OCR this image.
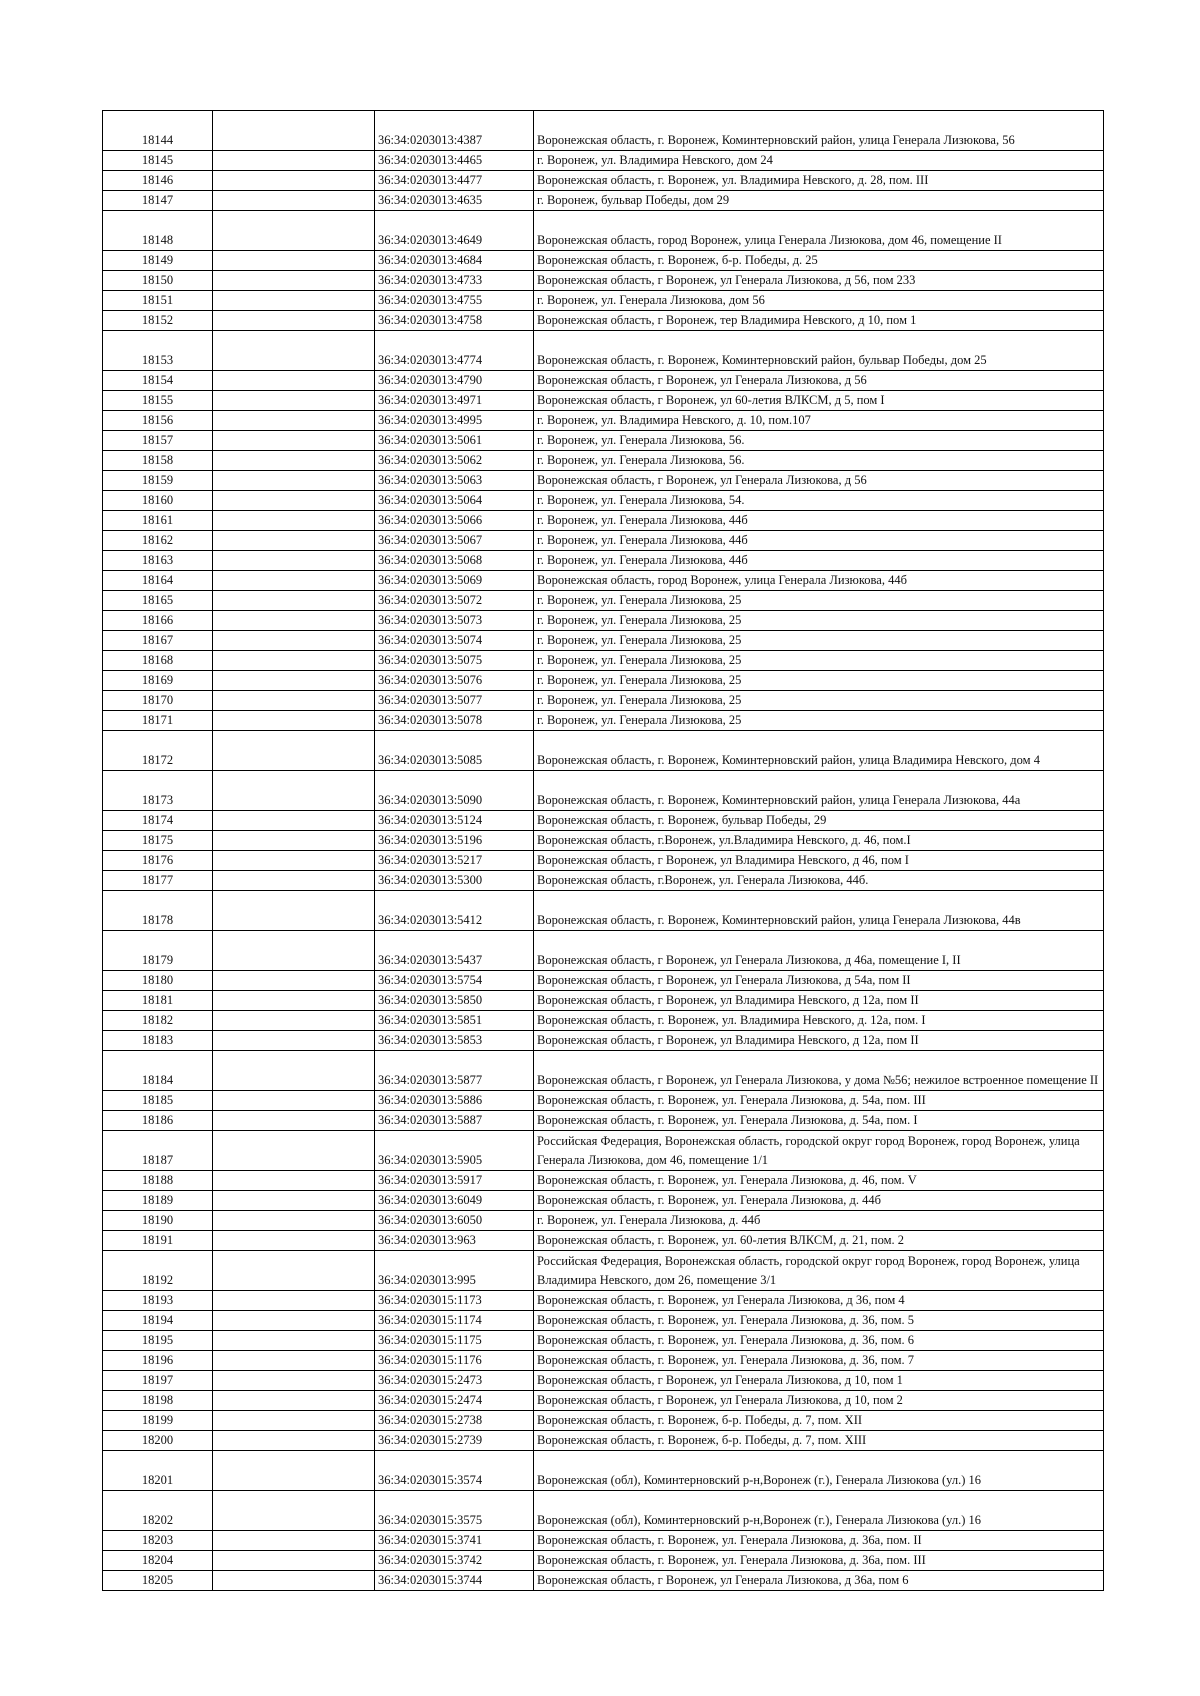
18144		36:34:0203013:4387	Воронежская область, г. Воронеж, Коминтерновский район, улица Генерала Лизюкова, 56
18145		36:34:0203013:4465	г. Воронеж, ул. Владимира Невского, дом 24
18146		36:34:0203013:4477	Воронежская область, г. Воронеж, ул. Владимира Невского, д. 28, пом. III
18147		36:34:0203013:4635	г. Воронеж, бульвар Победы, дом 29
18148		36:34:0203013:4649	Воронежская область, город Воронеж, улица Генерала Лизюкова, дом 46, помещение II
18149		36:34:0203013:4684	Воронежская область, г. Воронеж, б-р. Победы, д. 25
18150		36:34:0203013:4733	Воронежская область, г Воронеж, ул Генерала Лизюкова, д 56, пом 233
18151		36:34:0203013:4755	г. Воронеж, ул. Генерала Лизюкова, дом 56
18152		36:34:0203013:4758	Воронежская область, г Воронеж, тер Владимира Невского, д 10, пом 1
18153		36:34:0203013:4774	Воронежская область, г. Воронеж, Коминтерновский район, бульвар Победы, дом 25
18154		36:34:0203013:4790	Воронежская область, г Воронеж, ул Генерала Лизюкова, д 56
18155		36:34:0203013:4971	Воронежская область, г Воронеж, ул 60-летия ВЛКСМ, д 5, пом I
18156		36:34:0203013:4995	г. Воронеж, ул. Владимира Невского, д. 10, пом.107
18157		36:34:0203013:5061	г. Воронеж, ул. Генерала Лизюкова, 56.
18158		36:34:0203013:5062	г. Воронеж, ул. Генерала Лизюкова, 56.
18159		36:34:0203013:5063	Воронежская область, г Воронеж, ул Генерала Лизюкова, д 56
18160		36:34:0203013:5064	г. Воронеж, ул. Генерала Лизюкова, 54.
18161		36:34:0203013:5066	г. Воронеж, ул. Генерала Лизюкова, 44б
18162		36:34:0203013:5067	г. Воронеж, ул. Генерала Лизюкова, 44б
18163		36:34:0203013:5068	г. Воронеж, ул. Генерала Лизюкова, 44б
18164		36:34:0203013:5069	Воронежская область, город Воронеж, улица Генерала Лизюкова, 44б
18165		36:34:0203013:5072	г. Воронеж, ул. Генерала Лизюкова, 25
18166		36:34:0203013:5073	г. Воронеж, ул. Генерала Лизюкова, 25
18167		36:34:0203013:5074	г. Воронеж, ул. Генерала Лизюкова, 25
18168		36:34:0203013:5075	г. Воронеж, ул. Генерала Лизюкова, 25
18169		36:34:0203013:5076	г. Воронеж, ул. Генерала Лизюкова, 25
18170		36:34:0203013:5077	г. Воронеж, ул. Генерала Лизюкова, 25
18171		36:34:0203013:5078	г. Воронеж, ул. Генерала Лизюкова, 25
18172		36:34:0203013:5085	Воронежская область, г. Воронеж, Коминтерновский район, улица Владимира Невского, дом 4
18173		36:34:0203013:5090	Воронежская область, г. Воронеж, Коминтерновский район, улица Генерала Лизюкова, 44а
18174		36:34:0203013:5124	Воронежская область, г. Воронеж, бульвар Победы, 29
18175		36:34:0203013:5196	Воронежская область, г.Воронеж, ул.Владимира Невского, д. 46, пом.I
18176		36:34:0203013:5217	Воронежская область, г Воронеж, ул Владимира Невского, д 46, пом I
18177		36:34:0203013:5300	Воронежская область, г.Воронеж, ул. Генерала Лизюкова, 44б.
18178		36:34:0203013:5412	Воронежская область, г. Воронеж, Коминтерновский район, улица Генерала Лизюкова, 44в
18179		36:34:0203013:5437	Воронежская область, г Воронеж, ул Генерала Лизюкова, д 46а, помещение I, II
18180		36:34:0203013:5754	Воронежская область, г Воронеж, ул Генерала Лизюкова, д 54а, пом II
18181		36:34:0203013:5850	Воронежская область, г Воронеж, ул Владимира Невского, д 12а, пом II
18182		36:34:0203013:5851	Воронежская область, г. Воронеж, ул. Владимира Невского, д. 12а, пом. I
18183		36:34:0203013:5853	Воронежская область, г Воронеж, ул Владимира Невского, д 12а, пом II
18184		36:34:0203013:5877	Воронежская область, г Воронеж, ул Генерала Лизюкова, у дома №56; нежилое встроенное помещение II
18185		36:34:0203013:5886	Воронежская область, г. Воронеж, ул. Генерала Лизюкова, д. 54а, пом. III
18186		36:34:0203013:5887	Воронежская область, г. Воронеж, ул. Генерала Лизюкова, д. 54а, пом. I
18187		36:34:0203013:5905	Российская Федерация, Воронежская область, городской округ город Воронеж, город Воронеж, улица Генерала Лизюкова, дом 46, помещение 1/1
18188		36:34:0203013:5917	Воронежская область, г. Воронеж, ул. Генерала Лизюкова, д. 46, пом. V
18189		36:34:0203013:6049	Воронежская область, г. Воронеж, ул. Генерала Лизюкова, д. 44б
18190		36:34:0203013:6050	г. Воронеж, ул. Генерала Лизюкова, д. 44б
18191		36:34:0203013:963	Воронежская область, г. Воронеж, ул. 60-летия ВЛКСМ, д. 21, пом. 2
18192		36:34:0203013:995	Российская Федерация, Воронежская область, городской округ город Воронеж, город Воронеж, улица Владимира Невского, дом 26, помещение 3/1
18193		36:34:0203015:1173	Воронежская область, г. Воронеж, ул Генерала Лизюкова, д 36, пом 4
18194		36:34:0203015:1174	Воронежская область, г. Воронеж, ул. Генерала Лизюкова, д. 36, пом. 5
18195		36:34:0203015:1175	Воронежская область, г. Воронеж, ул. Генерала Лизюкова, д. 36, пом. 6
18196		36:34:0203015:1176	Воронежская область, г. Воронеж, ул. Генерала Лизюкова, д. 36, пом. 7
18197		36:34:0203015:2473	Воронежская область, г Воронеж, ул Генерала Лизюкова, д 10, пом 1
18198		36:34:0203015:2474	Воронежская область, г Воронеж, ул Генерала Лизюкова, д 10, пом 2
18199		36:34:0203015:2738	Воронежская область, г. Воронеж, б-р. Победы, д. 7, пом. XII
18200		36:34:0203015:2739	Воронежская область, г. Воронеж, б-р. Победы, д. 7, пом. XIII
18201		36:34:0203015:3574	Воронежская (обл), Коминтерновский р-н,Воронеж (г.), Генерала Лизюкова (ул.) 16
18202		36:34:0203015:3575	Воронежская (обл), Коминтерновский р-н,Воронеж (г.), Генерала Лизюкова (ул.) 16
18203		36:34:0203015:3741	Воронежская область, г. Воронеж, ул. Генерала Лизюкова, д. 36а, пом. II
18204		36:34:0203015:3742	Воронежская область, г. Воронеж, ул. Генерала Лизюкова, д. 36а, пом. III
18205		36:34:0203015:3744	Воронежская область, г Воронеж, ул Генерала Лизюкова, д 36а, пом 6
